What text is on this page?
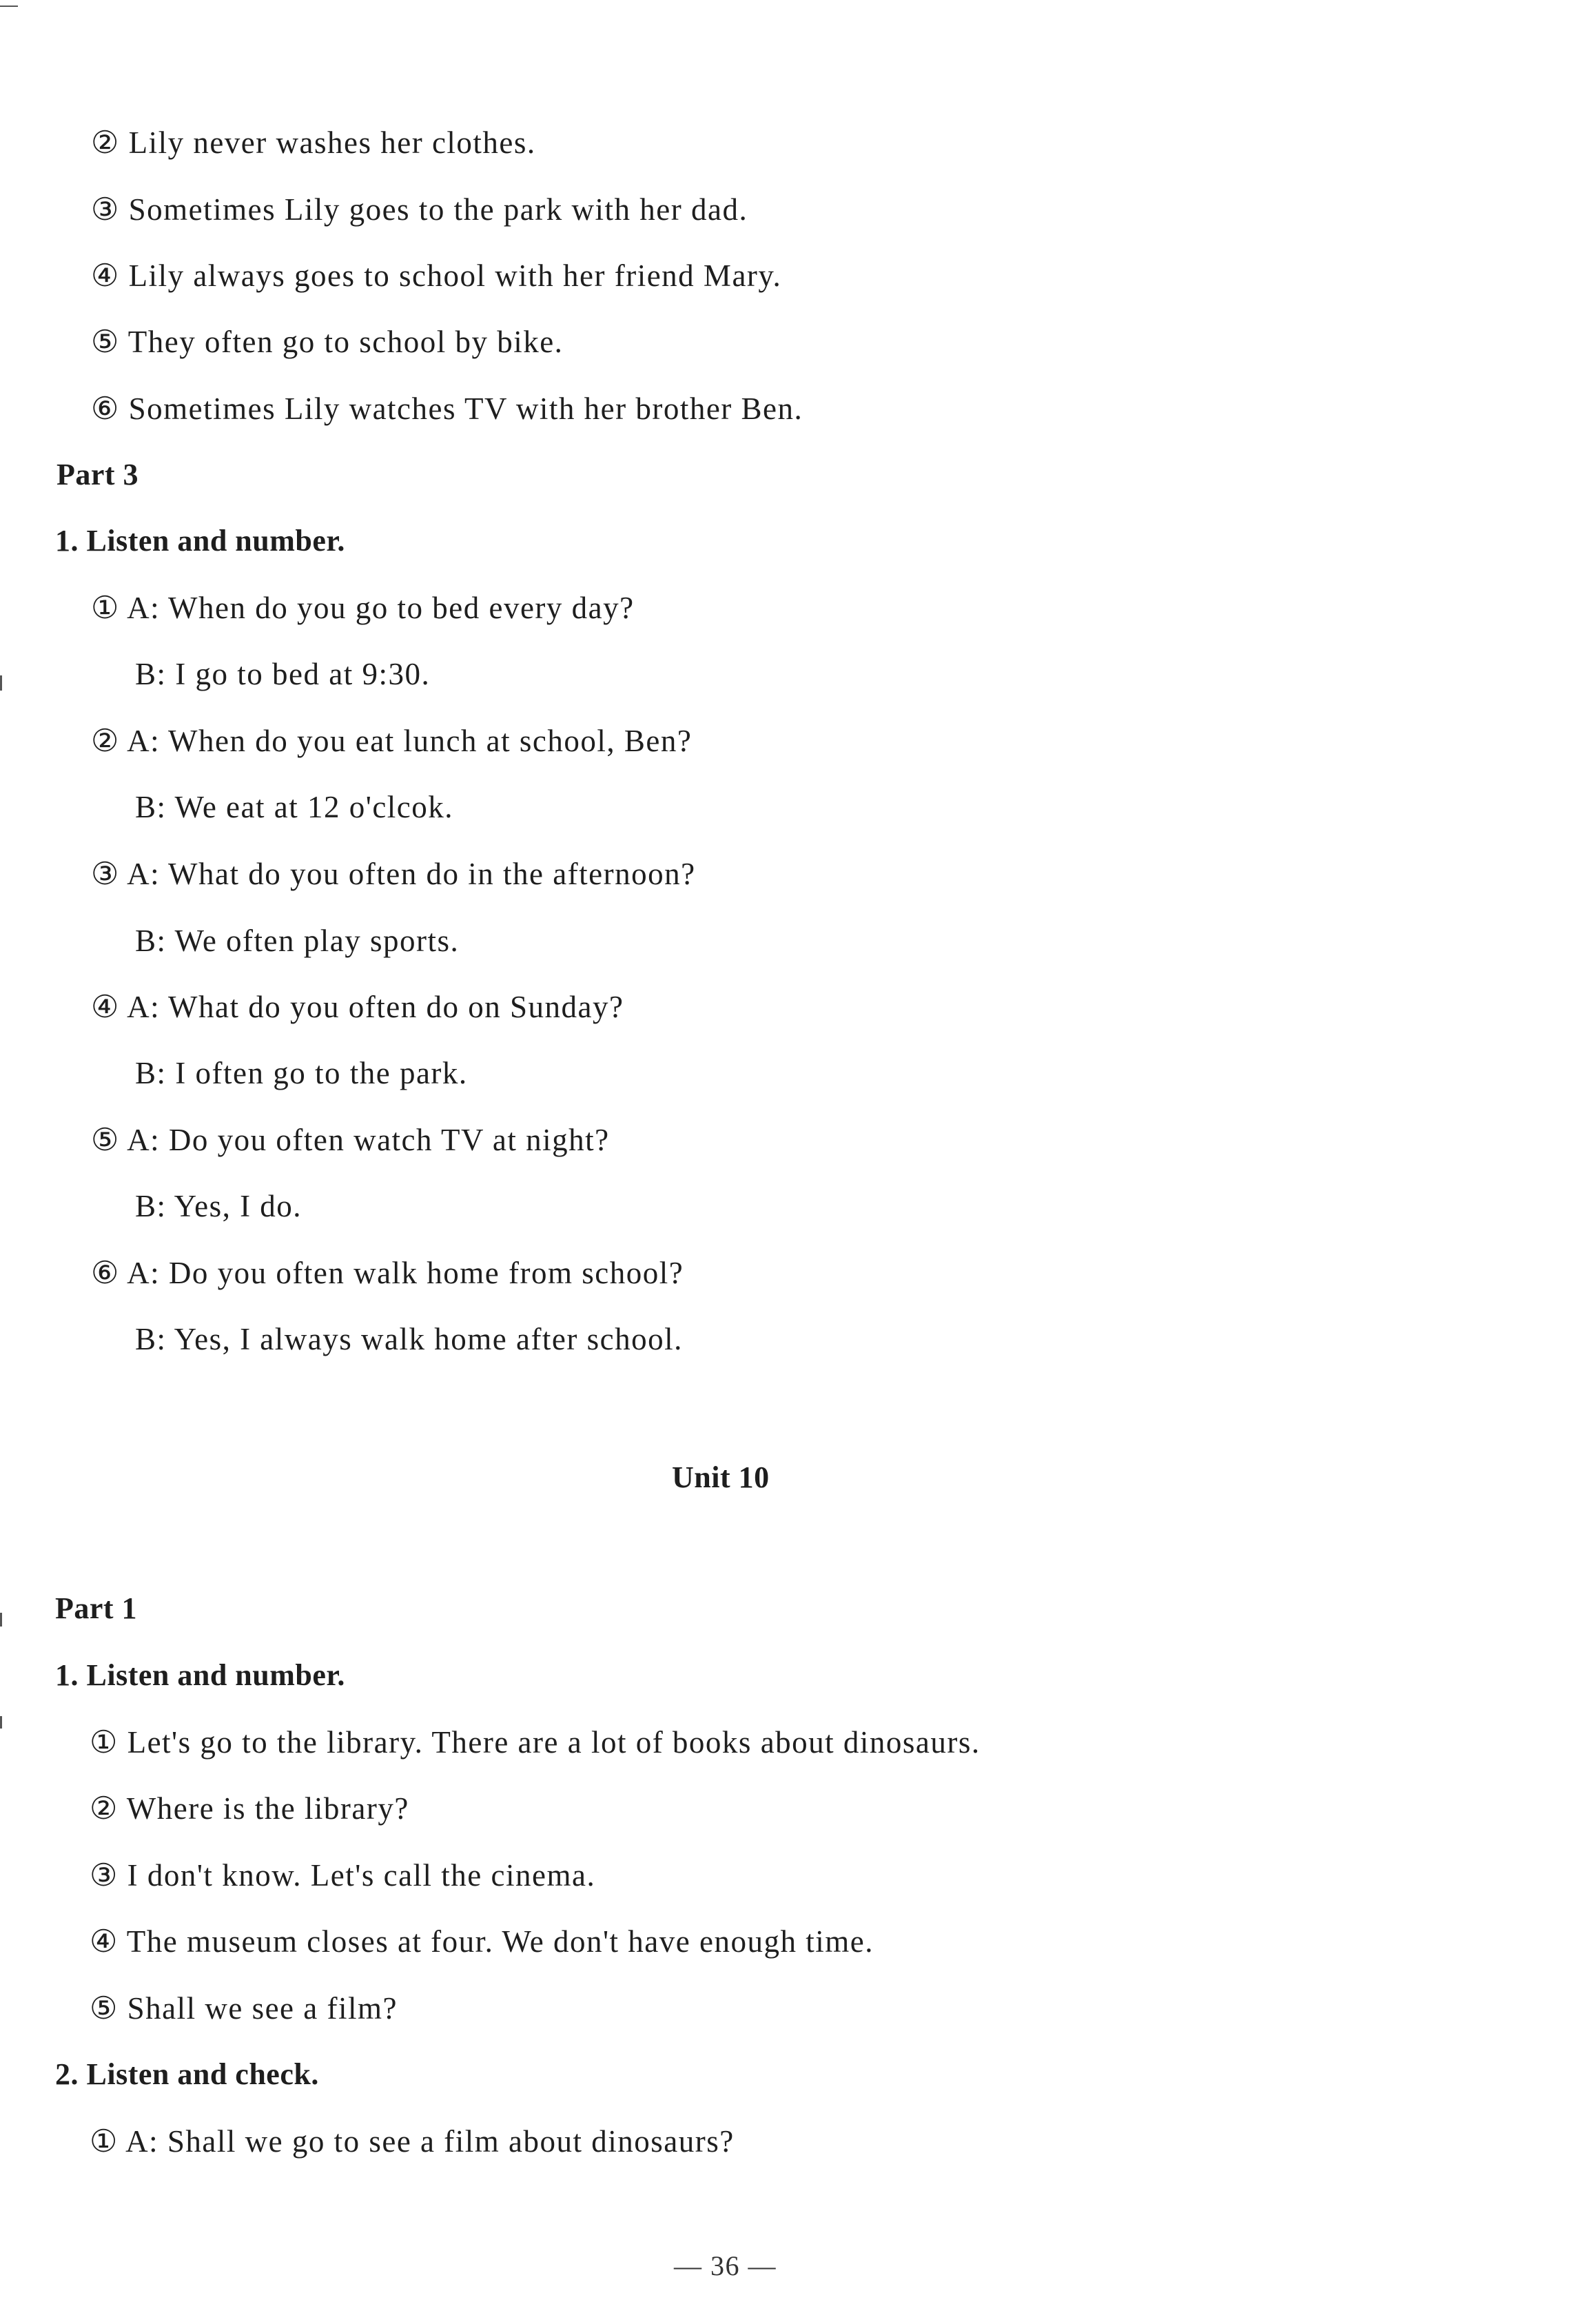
② Lily never washes her clothes.
③ Sometimes Lily goes to the park with her dad.
④ Lily always goes to school with her friend Mary.
⑤ They often go to school by bike.
⑥ Sometimes Lily watches TV with her brother Ben.
Part 3
1. Listen and number.
① A: When do you go to bed every day?
B: I go to bed at 9:30.
② A: When do you eat lunch at school, Ben?
B: We eat at 12 o'clcok.
③ A: What do you often do in the afternoon?
B: We often play sports.
④ A: What do you often do on Sunday?
B: I often go to the park.
⑤ A: Do you often watch TV at night?
B: Yes, I do.
⑥ A: Do you often walk home from school?
B: Yes, I always walk home after school.
Unit 10
Part 1
1. Listen and number.
① Let's go to the library. There are a lot of books about dinosaurs.
② Where is the library?
③ I don't know. Let's call the cinema.
④ The museum closes at four. We don't have enough time.
⑤ Shall we see a film?
2. Listen and check.
① A: Shall we go to see a film about dinosaurs?
— 36 —
